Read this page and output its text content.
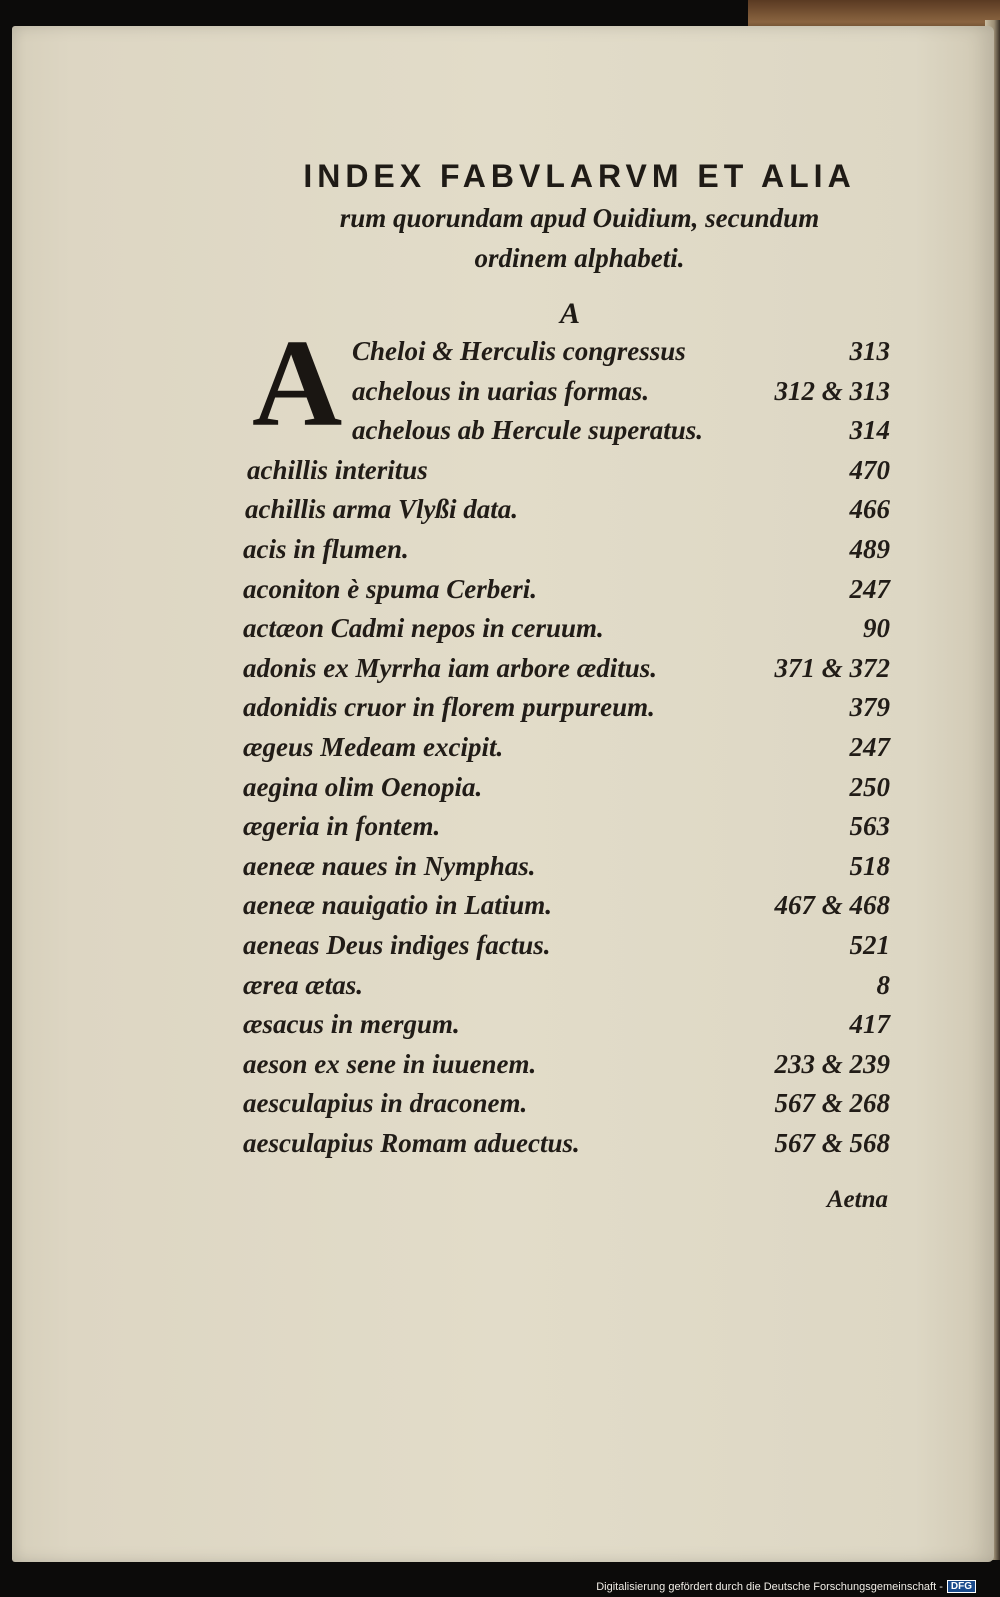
INDEX FABVLARVM ET ALIA
rum quorundam apud Ouidium, secundum
ordinem alphabeti.
A
A Cheloi & Herculis congressus	313
achelous in uarias formas.	312 & 313
achelous ab Hercule superatus.	314
achillis interitus	470
achillis arma Vlyßi data.	466
acis in flumen.	489
aconiton è spuma Cerberi.	247
actæon Cadmi nepos in ceruum.	90
adonis ex Myrrha iam arbore æditus.	371 & 372
adonidis cruor in florem purpureum.	379
ægeus Medeam excipit.	247
aegina olim Oenopia.	250
ægeria in fontem.	563
aeneæ naues in Nymphas.	518
aeneæ nauigatio in Latium.	467 & 468
aeneas Deus indiges factus.	521
ærea ætas.	8
æsacus in mergum.	417
aeson ex sene in iuuenem.	233 & 239
aesculapius in draconem.	567 & 268
aesculapius Romam aduectus.	567 & 568
Aetna
Digitalisierung gefördert durch die Deutsche Forschungsgemeinschaft - DFG
